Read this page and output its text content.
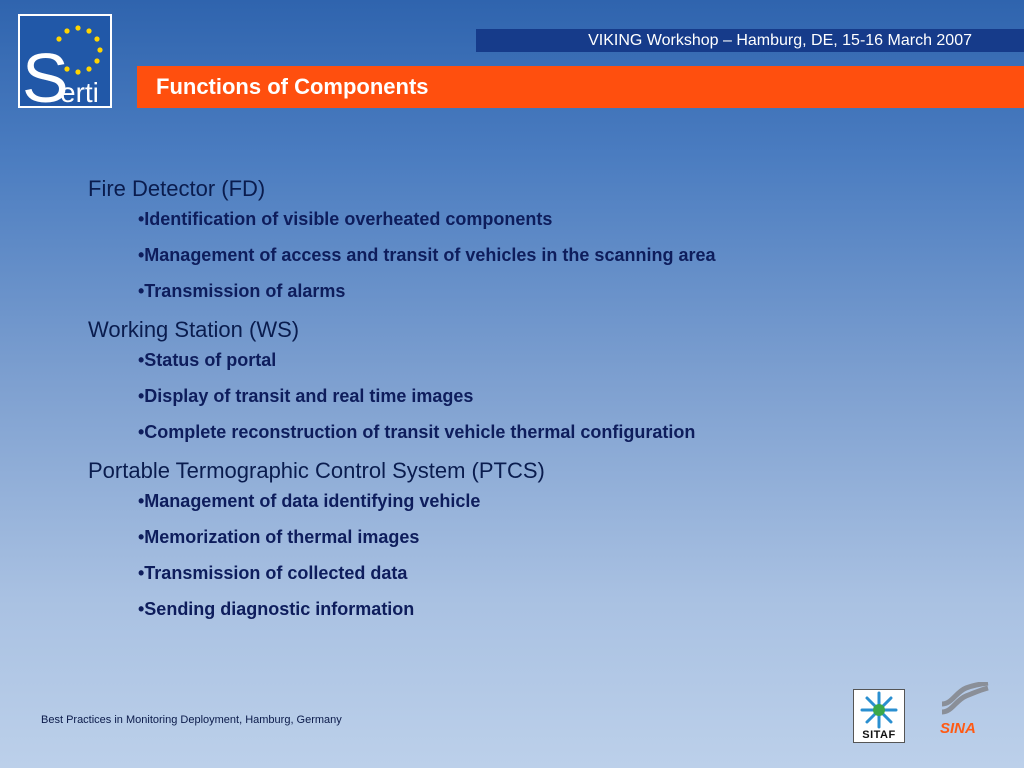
S
erti
VIKING Workshop – Hamburg, DE, 15-16 March 2007
Functions of Components
Fire Detector (FD)
•Identification of visible overheated components
•Management of access and transit of vehicles in the scanning area
•Transmission of alarms
Working Station (WS)
•Status of portal
•Display of transit and real time images
•Complete reconstruction of transit vehicle thermal configuration
Portable Termographic Control System (PTCS)
•Management of data identifying vehicle
•Memorization of thermal images
•Transmission of collected data
•Sending diagnostic information
Best Practices in Monitoring Deployment, Hamburg, Germany
SITAF	SINA
